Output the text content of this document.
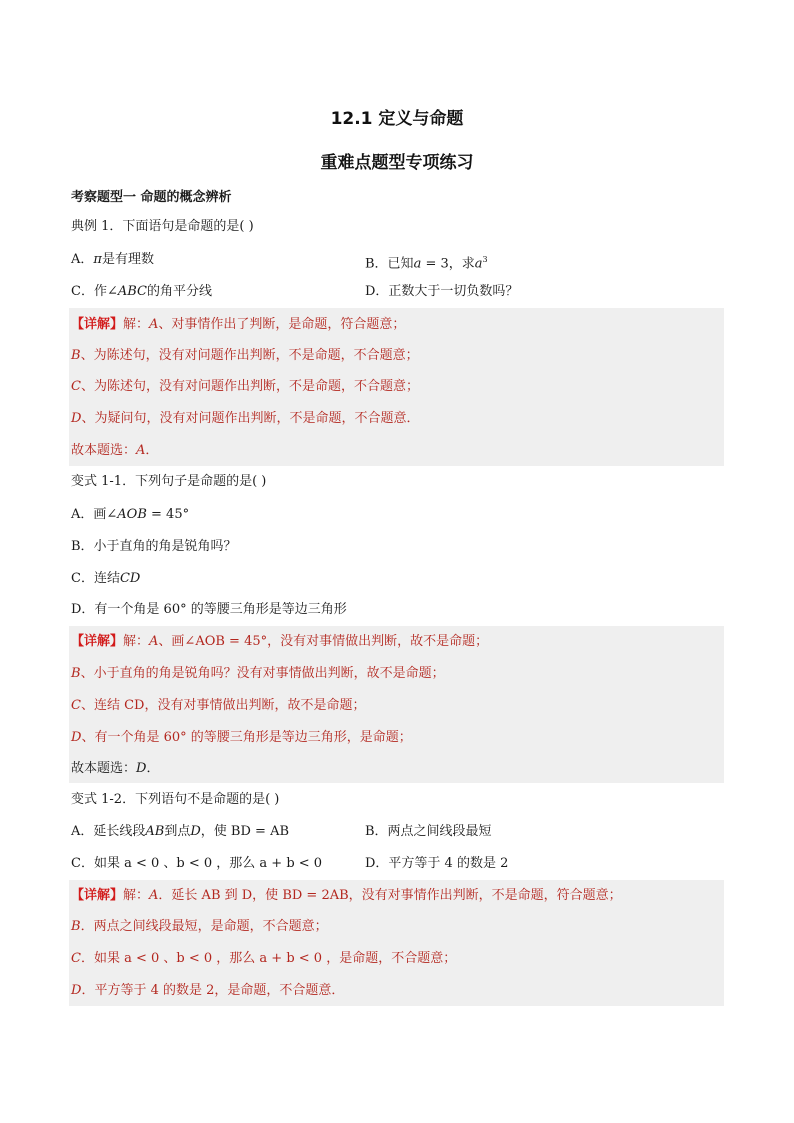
12.1 定义与命题
重难点题型专项练习
考察题型一 命题的概念辨析
典例 1．下面语句是命题的是( )
A．π是有理数	B．已知a = 3，求$a^3$
C．作∠ABC的角平分线	D．正数大于一切负数吗？
【详解】解：A、对事情作出了判断，是命题，符合题意；
B、为陈述句，没有对问题作出判断，不是命题，不合题意；
C、为陈述句，没有对问题作出判断，不是命题，不合题意；
D、为疑问句，没有对问题作出判断，不是命题，不合题意．
故本题选：A．
变式 1-1．下列句子是命题的是( )
A．画∠AOB = 45°
B．小于直角的角是锐角吗？
C．连结CD
D．有一个角是 60° 的等腰三角形是等边三角形
【详解】解：A、画∠AOB = 45°，没有对事情做出判断，故不是命题；
B、小于直角的角是锐角吗？没有对事情做出判断，故不是命题；
C、连结 CD，没有对事情做出判断，故不是命题；
D、有一个角是 60° 的等腰三角形是等边三角形，是命题；
故本题选：D．
变式 1-2．下列语句不是命题的是( )
A．延长线段AB到点D，使 BD = AB	B．两点之间线段最短
C．如果 a < 0 、b < 0 ，那么 a + b < 0	D．平方等于 4 的数是 2
【详解】解：A．延长 AB 到 D，使 BD = 2AB，没有对事情作出判断，不是命题，符合题意；
B．两点之间线段最短，是命题，不合题意；
C．如果 a < 0 、b < 0 ，那么 a + b < 0 ，是命题，不合题意；
D．平方等于 4 的数是 2，是命题，不合题意．
